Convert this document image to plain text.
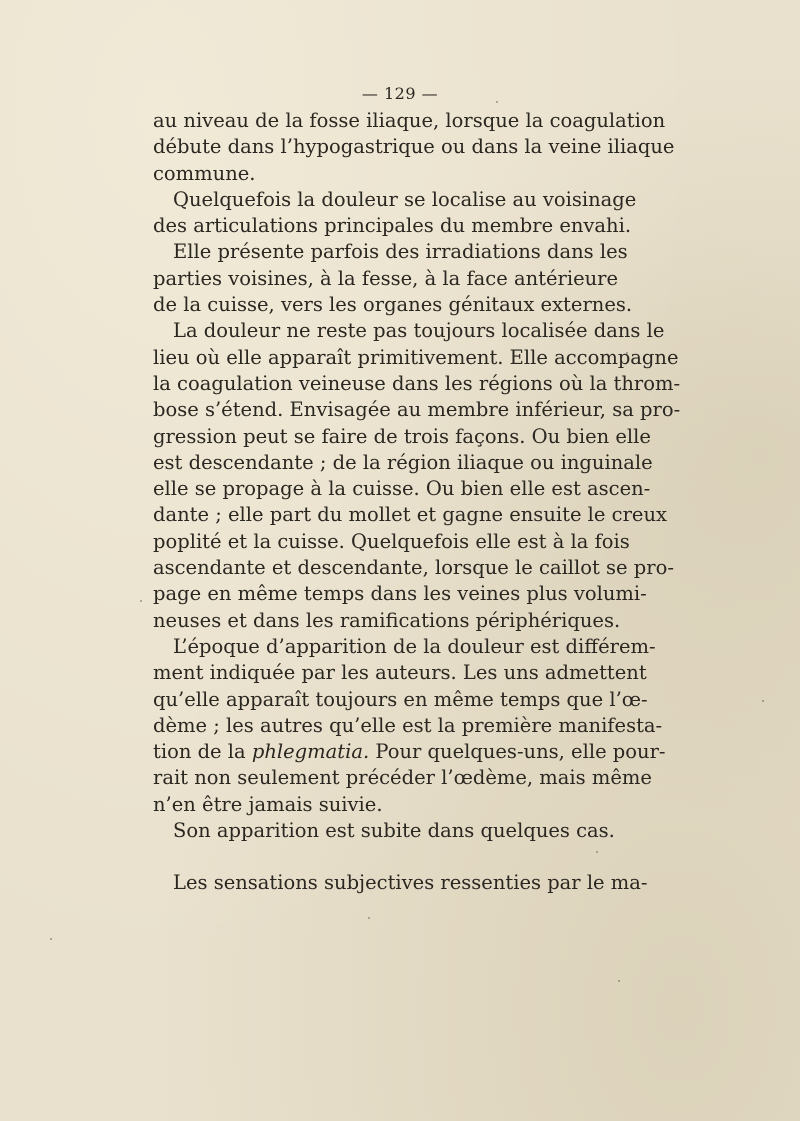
— 129 —
au niveau de la fosse iliaque, lorsque la coagulation
débute dans l’hypogastrique ou dans la veine iliaque
commune.
Quelquefois la douleur se localise au voisinage
des articulations principales du membre envahi.
Elle présente parfois des irradiations dans les
parties voisines, à la fesse, à la face antérieure
de la cuisse, vers les organes génitaux externes.
La douleur ne reste pas toujours localisée dans le
lieu où elle apparaît primitivement. Elle accompagne
la coagulation veineuse dans les régions où la throm-
bose s’étend. Envisagée au membre inférieur, sa pro-
gression peut se faire de trois façons. Ou bien elle
est descendante ; de la région iliaque ou inguinale
elle se propage à la cuisse. Ou bien elle est ascen-
dante ; elle part du mollet et gagne ensuite le creux
poplité et la cuisse. Quelquefois elle est à la fois
ascendante et descendante, lorsque le caillot se pro-
page en même temps dans les veines plus volumi-
neuses et dans les ramifications périphériques.
L’époque d’apparition de la douleur est différem-
ment indiquée par les auteurs. Les uns admettent
qu’elle apparaît toujours en même temps que l’œ-
dème ; les autres qu’elle est la première manifesta-
tion de la phlegmatia. Pour quelques-uns, elle pour-
rait non seulement précéder l’œdème, mais même
n’en être jamais suivie.
Son apparition est subite dans quelques cas.
Les sensations subjectives ressenties par le ma-
